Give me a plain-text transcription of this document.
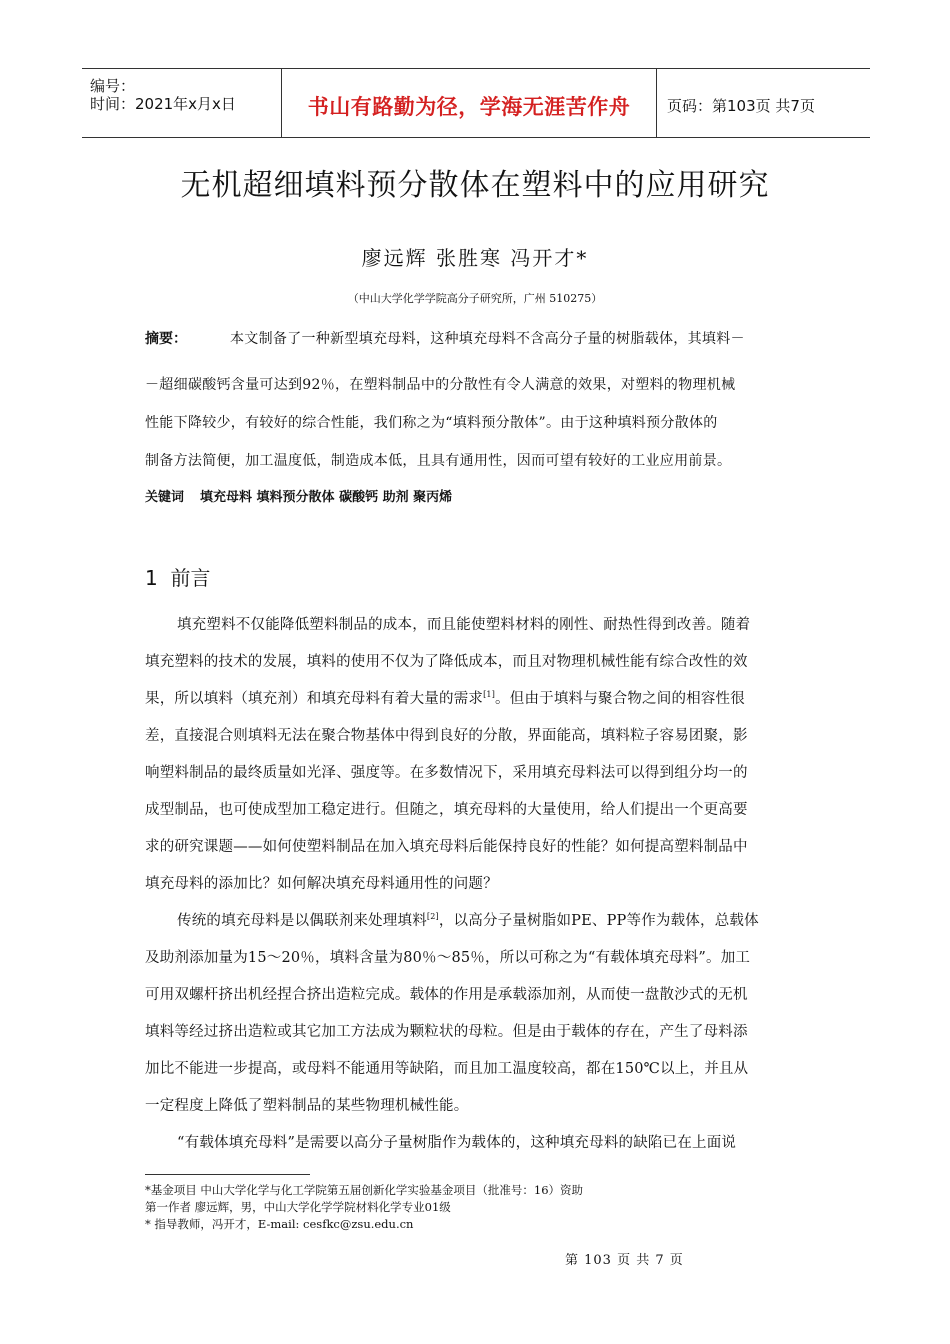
编号：
时间：2021年x月x日	书山有路勤为径，学海无涯苦作舟	页码：第103页 共7页
无机超细填料预分散体在塑料中的应用研究
廖远辉 张胜寒 冯开才*
（中山大学化学学院高分子研究所，广州 510275）
摘要：	本文制备了一种新型填充母料，这种填充母料不含高分子量的树脂载体，其填料－
－超细碳酸钙含量可达到92％，在塑料制品中的分散性有令人满意的效果，对塑料的物理机械
性能下降较少，有较好的综合性能，我们称之为“填料预分散体”。由于这种填料预分散体的
制备方法简便，加工温度低，制造成本低，且具有通用性，因而可望有较好的工业应用前景。
关键词 填充母料 填料预分散体 碳酸钙 助剂 聚丙烯
1 前言
填充塑料不仅能降低塑料制品的成本，而且能使塑料材料的刚性、耐热性得到改善。随着
填充塑料的技术的发展，填料的使用不仅为了降低成本，而且对物理机械性能有综合改性的效
果，所以填料（填充剂）和填充母料有着大量的需求[1]。但由于填料与聚合物之间的相容性很
差，直接混合则填料无法在聚合物基体中得到良好的分散，界面能高，填料粒子容易团聚，影
响塑料制品的最终质量如光泽、强度等。在多数情况下，采用填充母料法可以得到组分均一的
成型制品，也可使成型加工稳定进行。但随之，填充母料的大量使用，给人们提出一个更高要
求的研究课题——如何使塑料制品在加入填充母料后能保持良好的性能？如何提高塑料制品中
填充母料的添加比？如何解决填充母料通用性的问题？
传统的填充母料是以偶联剂来处理填料[2]，以高分子量树脂如PE、PP等作为载体，总载体
及助剂添加量为15～20％，填料含量为80％～85％，所以可称之为“有载体填充母料”。加工
可用双螺杆挤出机经捏合挤出造粒完成。载体的作用是承载添加剂，从而使一盘散沙式的无机
填料等经过挤出造粒或其它加工方法成为颗粒状的母粒。但是由于载体的存在，产生了母料添
加比不能进一步提高，或母料不能通用等缺陷，而且加工温度较高，都在150℃以上，并且从
一定程度上降低了塑料制品的某些物理机械性能。
“有载体填充母料”是需要以高分子量树脂作为载体的，这种填充母料的缺陷已在上面说
*基金项目 中山大学化学与化工学院第五届创新化学实验基金项目（批准号：16）资助
第一作者 廖远辉，男，中山大学化学学院材料化学专业01级
* 指导教师，冯开才，E-mail: cesfkc@zsu.edu.cn
第 103 页 共 7 页
